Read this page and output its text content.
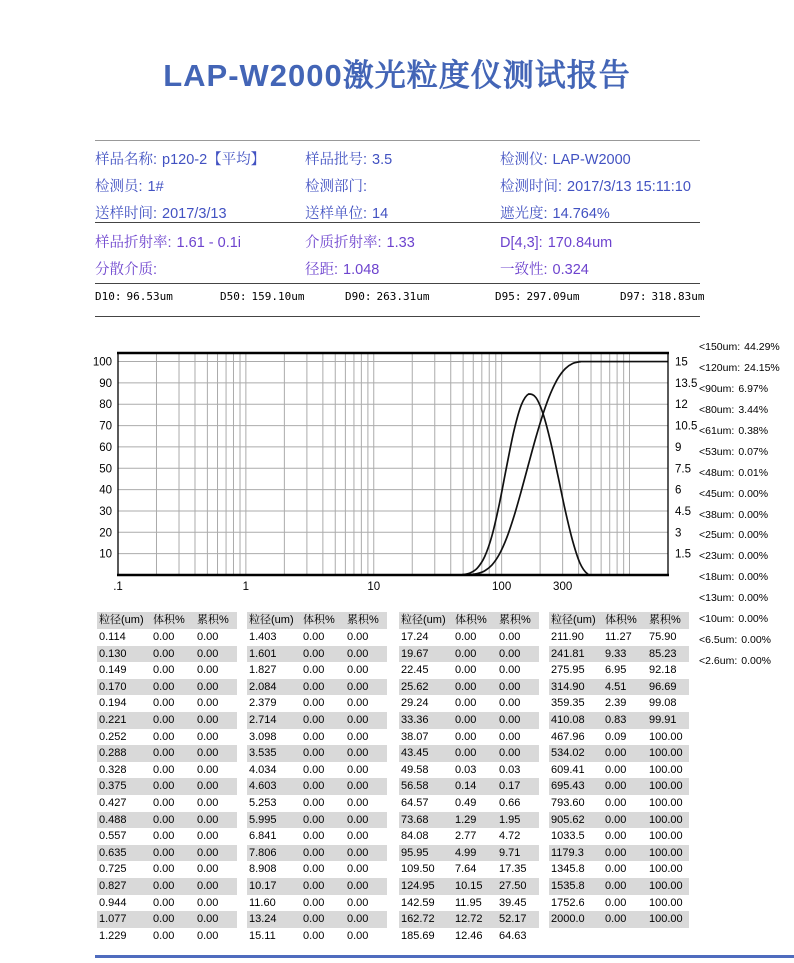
LAP-W2000激光粒度仪测试报告
样品名称: p120-2【平均】	样品批号: 3.5	检测仪: LAP-W2000
检测员: 1#	检测部门:	检测时间: 2017/3/13 15:11:10
送样时间: 2017/3/13	送样单位: 14	遮光度: 14.764%
样品折射率: 1.61 - 0.1i	介质折射率: 1.33	D[4,3]: 170.84um
分散介质:	径距: 1.048	一致性: 0.324
D10: 96.53um	D50: 159.10um	D90: 263.31um	D95: 297.09um	D97: 318.83um
10
20
30
40
50
60
70
80
90
100
1.5
3
4.5
6
7.5
9
10.5
12
13.5
15
.1	1	10	100	300
<150um: 44.29%
<120um: 24.15%
<90um: 6.97%
<80um: 3.44%
<61um: 0.38%
<53um: 0.07%
<48um: 0.01%
<45um: 0.00%
<38um: 0.00%
<25um: 0.00%
<23um: 0.00%
<18um: 0.00%
<13um: 0.00%
<10um: 0.00%
<6.5um: 0.00%
<2.6um: 0.00%
粒径(um) 体积%	累积%
0.114	0.00	0.00
0.130	0.00	0.00
0.149	0.00	0.00
0.170	0.00	0.00
0.194	0.00	0.00
0.221	0.00	0.00
0.252	0.00	0.00
0.288	0.00	0.00
0.328	0.00	0.00
0.375	0.00	0.00
0.427	0.00	0.00
0.488	0.00	0.00
0.557	0.00	0.00
0.635	0.00	0.00
0.725	0.00	0.00
0.827	0.00	0.00
0.944	0.00	0.00
1.077	0.00	0.00
1.229	0.00	0.00
粒径(um) 体积%	累积%
1.403	0.00	0.00
1.601	0.00	0.00
1.827	0.00	0.00
2.084	0.00	0.00
2.379	0.00	0.00
2.714	0.00	0.00
3.098	0.00	0.00
3.535	0.00	0.00
4.034	0.00	0.00
4.603	0.00	0.00
5.253	0.00	0.00
5.995	0.00	0.00
6.841	0.00	0.00
7.806	0.00	0.00
8.908	0.00	0.00
10.17	0.00	0.00
11.60	0.00	0.00
13.24	0.00	0.00
15.11	0.00	0.00
粒径(um) 体积%	累积%
17.24	0.00	0.00
19.67	0.00	0.00
22.45	0.00	0.00
25.62	0.00	0.00
29.24	0.00	0.00
33.36	0.00	0.00
38.07	0.00	0.00
43.45	0.00	0.00
49.58	0.03	0.03
56.58	0.14	0.17
64.57	0.49	0.66
73.68	1.29	1.95
84.08	2.77	4.72
95.95	4.99	9.71
109.50	7.64	17.35
124.95	10.15	27.50
142.59	11.95	39.45
162.72	12.72	52.17
185.69	12.46	64.63
粒径(um) 体积%	累积%
211.90	11.27	75.90
241.81	9.33	85.23
275.95	6.95	92.18
314.90	4.51	96.69
359.35	2.39	99.08
410.08	0.83	99.91
467.96	0.09	100.00
534.02	0.00	100.00
609.41	0.00	100.00
695.43	0.00	100.00
793.60	0.00	100.00
905.62	0.00	100.00
1033.5	0.00	100.00
1179.3	0.00	100.00
1345.8	0.00	100.00
1535.8	0.00	100.00
1752.6	0.00	100.00
2000.0	0.00	100.00
